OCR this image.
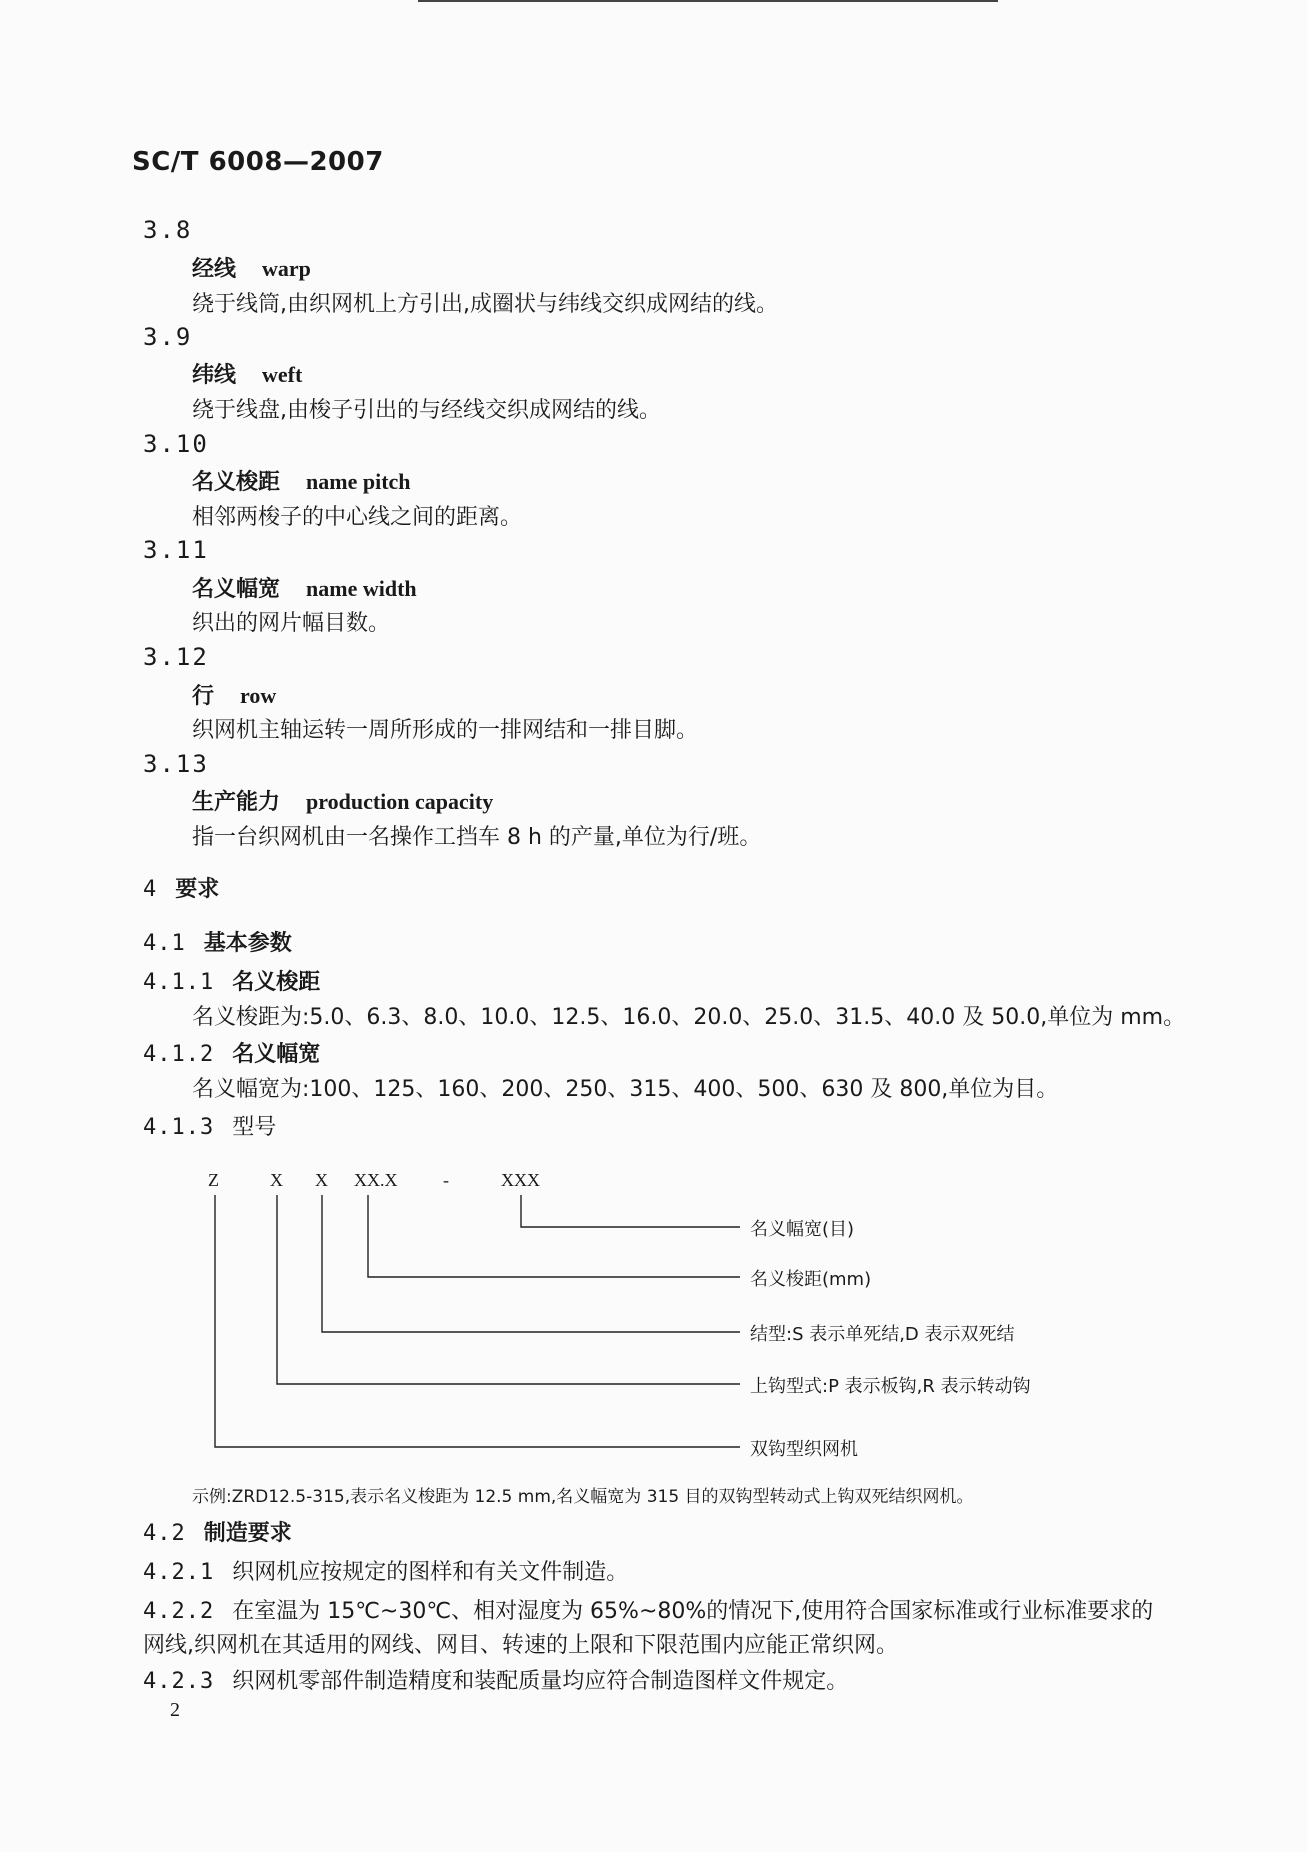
SC/T 6008—2007
3.8
经线 warp
绕于线筒,由织网机上方引出,成圈状与纬线交织成网结的线。
3.9
纬线 weft
绕于线盘,由梭子引出的与经线交织成网结的线。
3.10
名义梭距 name pitch
相邻两梭子的中心线之间的距离。
3.11
名义幅宽 name width
织出的网片幅目数。
3.12
行 row
织网机主轴运转一周所形成的一排网结和一排目脚。
3.13
生产能力 production capacity
指一台织网机由一名操作工挡车 8 h 的产量,单位为行/班。
4 要求
4.1 基本参数
4.1.1 名义梭距
名义梭距为:5.0、6.3、8.0、10.0、12.5、16.0、20.0、25.0、31.5、40.0 及 50.0,单位为 mm。
4.1.2 名义幅宽
名义幅宽为:100、125、160、200、250、315、400、500、630 及 800,单位为目。
4.1.3 型号
Z	X X XX.X	-	XXX
名义幅宽(目)
名义梭距(mm)
结型:S 表示单死结,D 表示双死结
上钩型式:P 表示板钩,R 表示转动钩
双钩型织网机
示例:ZRD12.5-315,表示名义梭距为 12.5 mm,名义幅宽为 315 目的双钩型转动式上钩双死结织网机。
4.2 制造要求
4.2.1 织网机应按规定的图样和有关文件制造。
4.2.2 在室温为 15℃~30℃、相对湿度为 65%~80%的情况下,使用符合国家标准或行业标准要求的
网线,织网机在其适用的网线、网目、转速的上限和下限范围内应能正常织网。
4.2.3 织网机零部件制造精度和装配质量均应符合制造图样文件规定。
2
